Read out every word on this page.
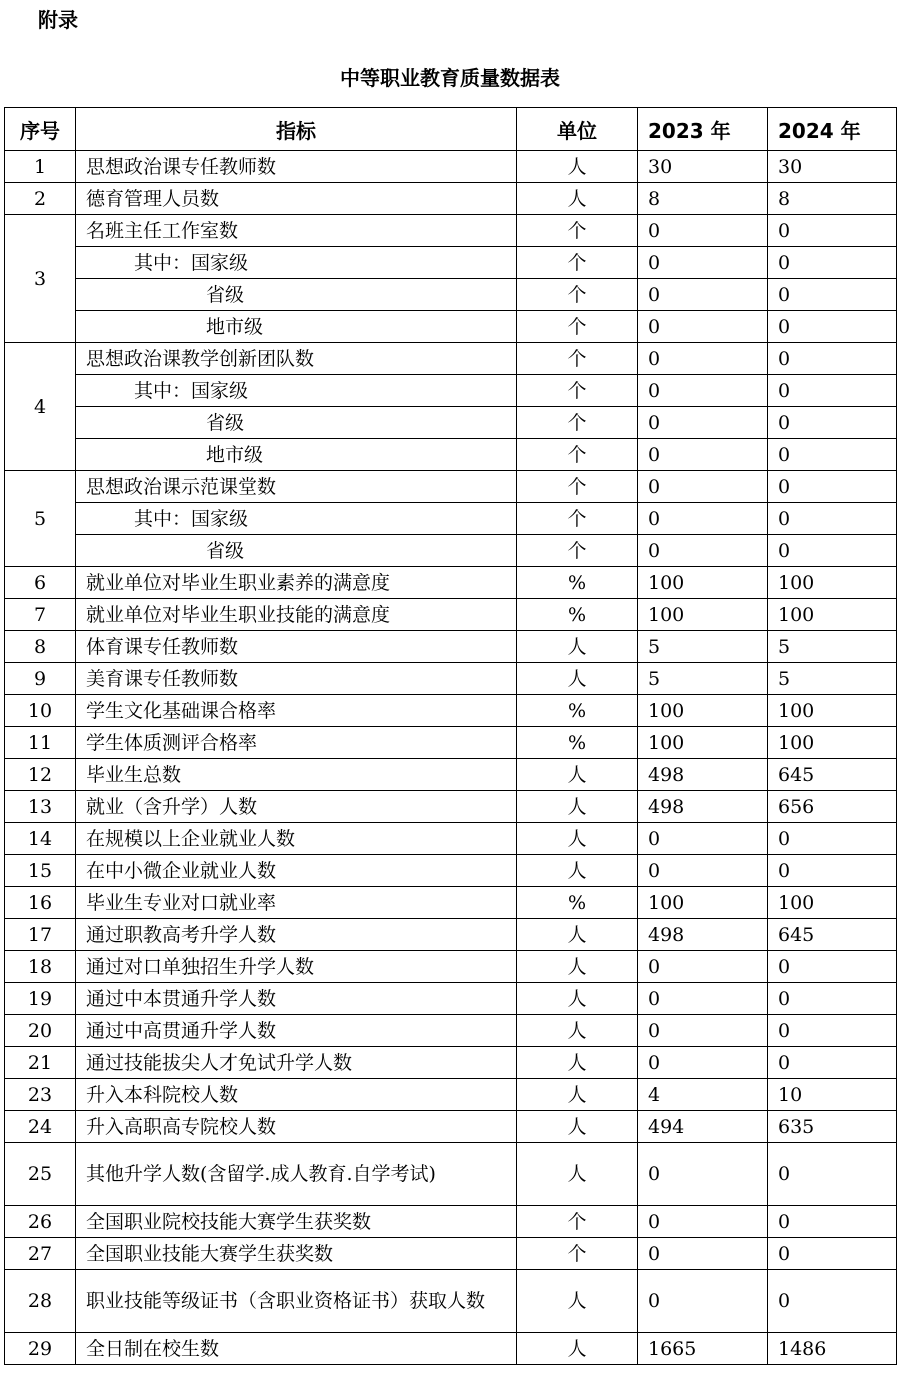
附录
中等职业教育质量数据表
序号	指标	单位	2023 年	2024 年
1	思想政治课专任教师数	人	30	30
2	德育管理人员数	人	8	8
3	名班主任工作室数	个	0	0
	其中：国家级	个	0	0
	省级	个	0	0
	地市级	个	0	0
4	思想政治课教学创新团队数	个	0	0
	其中：国家级	个	0	0
	省级	个	0	0
	地市级	个	0	0
5	思想政治课示范课堂数	个	0	0
	其中：国家级	个	0	0
	省级	个	0	0
6	就业单位对毕业生职业素养的满意度	%	100	100
7	就业单位对毕业生职业技能的满意度	%	100	100
8	体育课专任教师数	人	5	5
9	美育课专任教师数	人	5	5
10	学生文化基础课合格率	%	100	100
11	学生体质测评合格率	%	100	100
12	毕业生总数	人	498	645
13	就业（含升学）人数	人	498	656
14	在规模以上企业就业人数	人	0	0
15	在中小微企业就业人数	人	0	0
16	毕业生专业对口就业率	%	100	100
17	通过职教高考升学人数	人	498	645
18	通过对口单独招生升学人数	人	0	0
19	通过中本贯通升学人数	人	0	0
20	通过中高贯通升学人数	人	0	0
21	通过技能拔尖人才免试升学人数	人	0	0
23	升入本科院校人数	人	4	10
24	升入高职高专院校人数	人	494	635
25	其他升学人数(含留学.成人教育.自学考试)	人	0	0
26	全国职业院校技能大赛学生获奖数	个	0	0
27	全国职业技能大赛学生获奖数	个	0	0
28	职业技能等级证书（含职业资格证书）获取人数	人	0	0
29	全日制在校生数	人	1665	1486
